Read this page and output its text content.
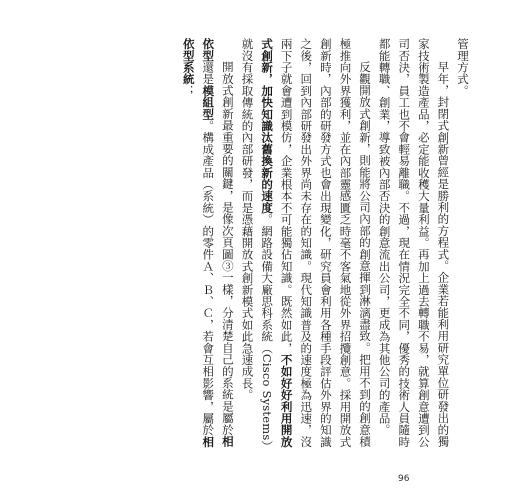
管理方式。

早年，封閉式創新曾經是勝利的方程式。企業若能利用研究單位研發出的獨家技術製造產品，必定能收穫大量利益。再加上過去轉職不易，就算創意遭到公司否決，員工也不會輕易離職。不過，現在情況完全不同，優秀的技術人員隨時都能轉職、創業，導致被內部否決的創意流出公司，更成為其他公司的產品。

反觀開放式創新，則能將公司內部的創意揮到淋漓盡致。把用不到的創意積極推向外界獲利，並在內部靈感匱乏時毫不客氣地從外界招攬創意。採用開放式創新時，內部的研發方式也會出現變化，研究員會利用各種手段評估外界的知識之後，回到內部研發出外界尚未存在的知識。現代知識普及的速度極為迅速，沒兩下子就會遭到模仿，企業根本不可能獨佔知識。既然如此，不如好好利用開放式創新，加快知識汰舊換新的速度。網路設備大廠思科系統（Cisco Systems）就沒有採取傳統的內部研發，而是憑藉開放式創新模式如此急速成長。

開放式創新最重要的關鍵，是像次頁圖③一樣，分清楚自己的系統是屬於相依型還是模組型。構成產品（系統）的零件Ａ、Ｂ、Ｃ，若會互相影響，屬於相依型系統；

96
